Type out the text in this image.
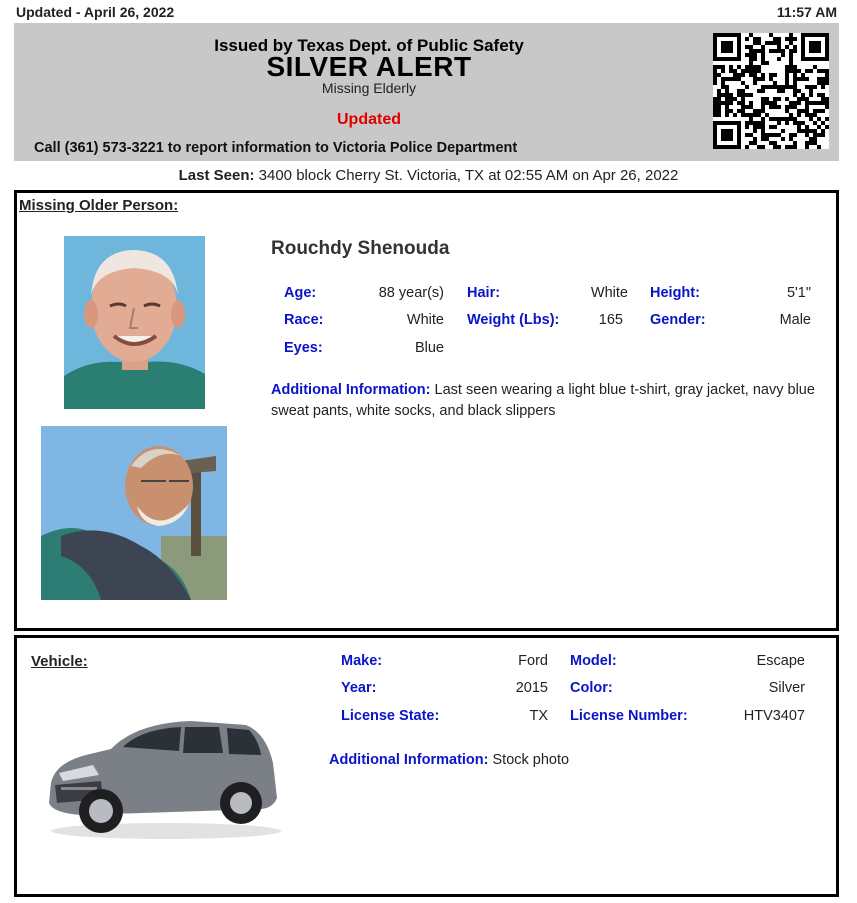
Updated - April 26, 2022	11:57 AM
Issued by Texas Dept. of Public Safety
SILVER ALERT
Missing Elderly
Updated
Call (361) 573-3221 to report information to Victoria Police Department
Last Seen: 3400 block Cherry St. Victoria, TX at 02:55 AM on Apr 26, 2022
Missing Older Person:
Rouchdy Shenouda
Age:	88 year(s) Hair:	White Height:	5'1"
Race:	White Weight (Lbs):	165 Gender:	Male
Eyes:	Blue
Additional Information: Last seen wearing a light blue t-shirt, gray jacket, navy blue sweat pants, white socks, and black slippers
Vehicle:	Make:	Ford Model:	Escape
Year:	2015 Color:	Silver
License State:	TX License Number:	HTV3407
Additional Information: Stock photo
